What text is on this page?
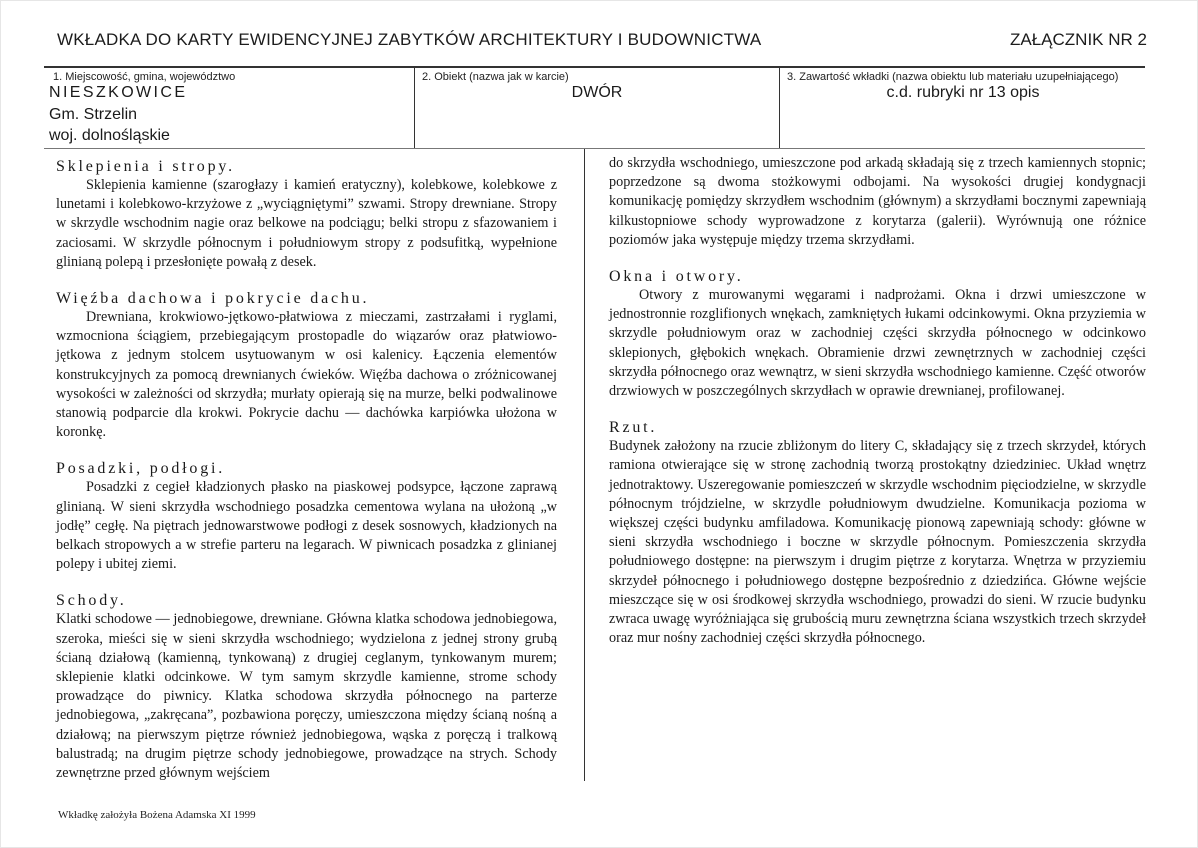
WKŁADKA DO KARTY EWIDENCYJNEJ ZABYTKÓW ARCHITEKTURY I BUDOWNICTWA	ZAŁĄCZNIK NR 2
1. Miejscowość, gmina, województwo
NIESZKOWICE
Gm. Strzelin
woj. dolnośląskie
2. Obiekt (nazwa jak w karcie)
DWÓR
3. Zawartość wkładki (nazwa obiektu lub materiału uzupełniającego)
c.d. rubryki nr 13 opis

Sklepienia i stropy.

Sklepienia kamienne (szarogłazy i kamień eratyczny), kolebkowe, kolebkowe z lunetami i kolebkowo-krzyżowe z „wyciągniętymi” szwami. Stropy drewniane. Stropy w skrzydle wschodnim nagie oraz belkowe na podciągu; belki stropu z sfazowaniem i zaciosami. W skrzydle północnym i południowym stropy z podsufitką, wypełnione glinianą polepą i przesłonięte powałą z desek.

Więźba dachowa i pokrycie dachu.

Drewniana, krokwiowo-jętkowo-płatwiowa z mieczami, zastrzałami i ryglami, wzmocniona ściągiem, przebiegającym prostopadle do wiązarów oraz płatwiowo-jętkowa z jednym stolcem usytuowanym w osi kalenicy. Łączenia elementów konstrukcyjnych za pomocą drewnianych ćwieków. Więźba dachowa o zróżnicowanej wysokości w zależności od skrzydła; murłaty opierają się na murze, belki podwalinowe stanowią podparcie dla krokwi. Pokrycie dachu — dachówka karpiówka ułożona w koronkę.

Posadzki, podłogi.

Posadzki z cegieł kładzionych płasko na piaskowej podsypce, łączone zaprawą glinianą. W sieni skrzydła wschodniego posadzka cementowa wylana na ułożoną „w jodłę” cegłę. Na piętrach jednowarstwowe podłogi z desek sosnowych, kładzionych na belkach stropowych a w strefie parteru na legarach. W piwnicach posadzka z glinianej polepy i ubitej ziemi.

Schody.

Klatki schodowe — jednobiegowe, drewniane. Główna klatka schodowa jednobiegowa, szeroka, mieści się w sieni skrzydła wschodniego; wydzielona z jednej strony grubą ścianą działową (kamienną, tynkowaną) z drugiej ceglanym, tynkowanym murem; sklepienie klatki odcinkowe. W tym samym skrzydle kamienne, strome schody prowadzące do piwnicy. Klatka schodowa skrzydła północnego na parterze jednobiegowa, „zakręcana”, pozbawiona poręczy, umieszczona między ścianą nośną a działową; na pierwszym piętrze również jednobiegowa, wąska z poręczą i tralkową balustradą; na drugim piętrze schody jednobiegowe, prowadzące na strych. Schody zewnętrzne przed głównym wejściem

do skrzydła wschodniego, umieszczone pod arkadą składają się z trzech kamiennych stopnic; poprzedzone są dwoma stożkowymi odbojami. Na wysokości drugiej kondygnacji komunikację pomiędzy skrzydłem wschodnim (głównym) a skrzydłami bocznymi zapewniają kilkustopniowe schody wyprowadzone z korytarza (galerii). Wyrównują one różnice poziomów jaka występuje między trzema skrzydłami.

Okna i otwory.

Otwory z murowanymi węgarami i nadprożami. Okna i drzwi umieszczone w jednostronnie rozglifionych wnękach, zamkniętych łukami odcinkowymi. Okna przyziemia w skrzydle południowym oraz w zachodniej części skrzydła północnego w odcinkowo sklepionych, głębokich wnękach. Obramienie drzwi zewnętrznych w zachodniej części skrzydła północnego oraz wewnątrz, w sieni skrzydła wschodniego kamienne. Część otworów drzwiowych w poszczególnych skrzydłach w oprawie drewnianej, profilowanej.

Rzut.

Budynek założony na rzucie zbliżonym do litery C, składający się z trzech skrzydeł, których ramiona otwierające się w stronę zachodnią tworzą prostokątny dziedziniec. Układ wnętrz jednotraktowy. Uszeregowanie pomieszczeń w skrzydle wschodnim pięciodzielne, w skrzydle północnym trójdzielne, w skrzydle południowym dwudzielne. Komunikacja pozioma w większej części budynku amfiladowa. Komunikację pionową zapewniają schody: główne w sieni skrzydła wschodniego i boczne w skrzydle północnym. Pomieszczenia skrzydła południowego dostępne: na pierwszym i drugim piętrze z korytarza. Wnętrza w przyziemiu skrzydeł północnego i południowego dostępne bezpośrednio z dziedzińca. Główne wejście mieszczące się w osi środkowej skrzydła wschodniego, prowadzi do sieni. W rzucie budynku zwraca uwagę wyróżniająca się grubością muru zewnętrzna ściana wszystkich trzech skrzydeł oraz mur nośny zachodniej części skrzydła północnego.

Wkładkę założyła Bożena Adamska XI 1999
